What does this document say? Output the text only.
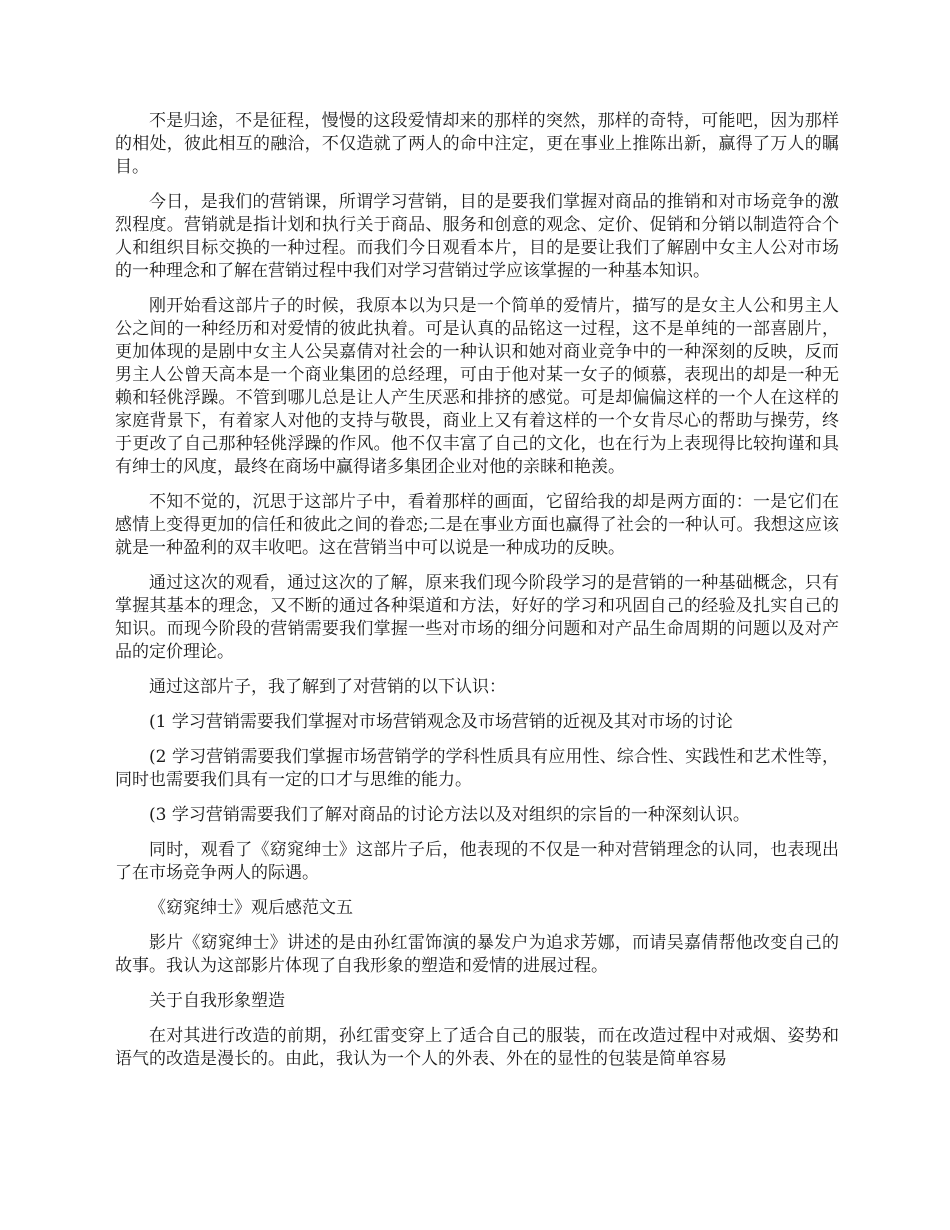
不是归途，不是征程，慢慢的这段爱情却来的那样的突然，那样的奇特，可能吧，因为那样的相处，彼此相互的融洽，不仅造就了两人的命中注定，更在事业上推陈出新，赢得了万人的瞩目。

今日，是我们的营销课，所谓学习营销，目的是要我们掌握对商品的推销和对市场竞争的激烈程度。营销就是指计划和执行关于商品、服务和创意的观念、定价、促销和分销以制造符合个人和组织目标交换的一种过程。而我们今日观看本片，目的是要让我们了解剧中女主人公对市场的一种理念和了解在营销过程中我们对学习营销过学应该掌握的一种基本知识。

刚开始看这部片子的时候，我原本以为只是一个简单的爱情片，描写的是女主人公和男主人公之间的一种经历和对爱情的彼此执着。可是认真的品铭这一过程，这不是单纯的一部喜剧片，更加体现的是剧中女主人公吴嘉倩对社会的一种认识和她对商业竞争中的一种深刻的反映，反而男主人公曾天高本是一个商业集团的总经理，可由于他对某一女子的倾慕，表现出的却是一种无赖和轻佻浮躁。不管到哪儿总是让人产生厌恶和排挤的感觉。可是却偏偏这样的一个人在这样的家庭背景下，有着家人对他的支持与敬畏，商业上又有着这样的一个女肯尽心的帮助与操劳，终于更改了自己那种轻佻浮躁的作风。他不仅丰富了自己的文化，也在行为上表现得比较拘谨和具有绅士的风度，最终在商场中赢得诸多集团企业对他的亲睐和艳羡。

不知不觉的，沉思于这部片子中，看着那样的画面，它留给我的却是两方面的：一是它们在感情上变得更加的信任和彼此之间的眷恋;二是在事业方面也赢得了社会的一种认可。我想这应该就是一种盈利的双丰收吧。这在营销当中可以说是一种成功的反映。

通过这次的观看，通过这次的了解，原来我们现今阶段学习的是营销的一种基础概念，只有掌握其基本的理念，又不断的通过各种渠道和方法，好好的学习和巩固自己的经验及扎实自己的知识。而现今阶段的营销需要我们掌握一些对市场的细分问题和对产品生命周期的问题以及对产品的定价理论。

通过这部片子，我了解到了对营销的以下认识：

(1 学习营销需要我们掌握对市场营销观念及市场营销的近视及其对市场的讨论

(2 学习营销需要我们掌握市场营销学的学科性质具有应用性、综合性、实践性和艺术性等，同时也需要我们具有一定的口才与思维的能力。

(3 学习营销需要我们了解对商品的讨论方法以及对组织的宗旨的一种深刻认识。

同时，观看了《窈窕绅士》这部片子后，他表现的不仅是一种对营销理念的认同，也表现出了在市场竞争两人的际遇。

《窈窕绅士》观后感范文五

影片《窈窕绅士》讲述的是由孙红雷饰演的暴发户为追求芳娜，而请吴嘉倩帮他改变自己的故事。我认为这部影片体现了自我形象的塑造和爱情的进展过程。

关于自我形象塑造

在对其进行改造的前期，孙红雷变穿上了适合自己的服装，而在改造过程中对戒烟、姿势和语气的改造是漫长的。由此，我认为一个人的外表、外在的显性的包装是简单容易
